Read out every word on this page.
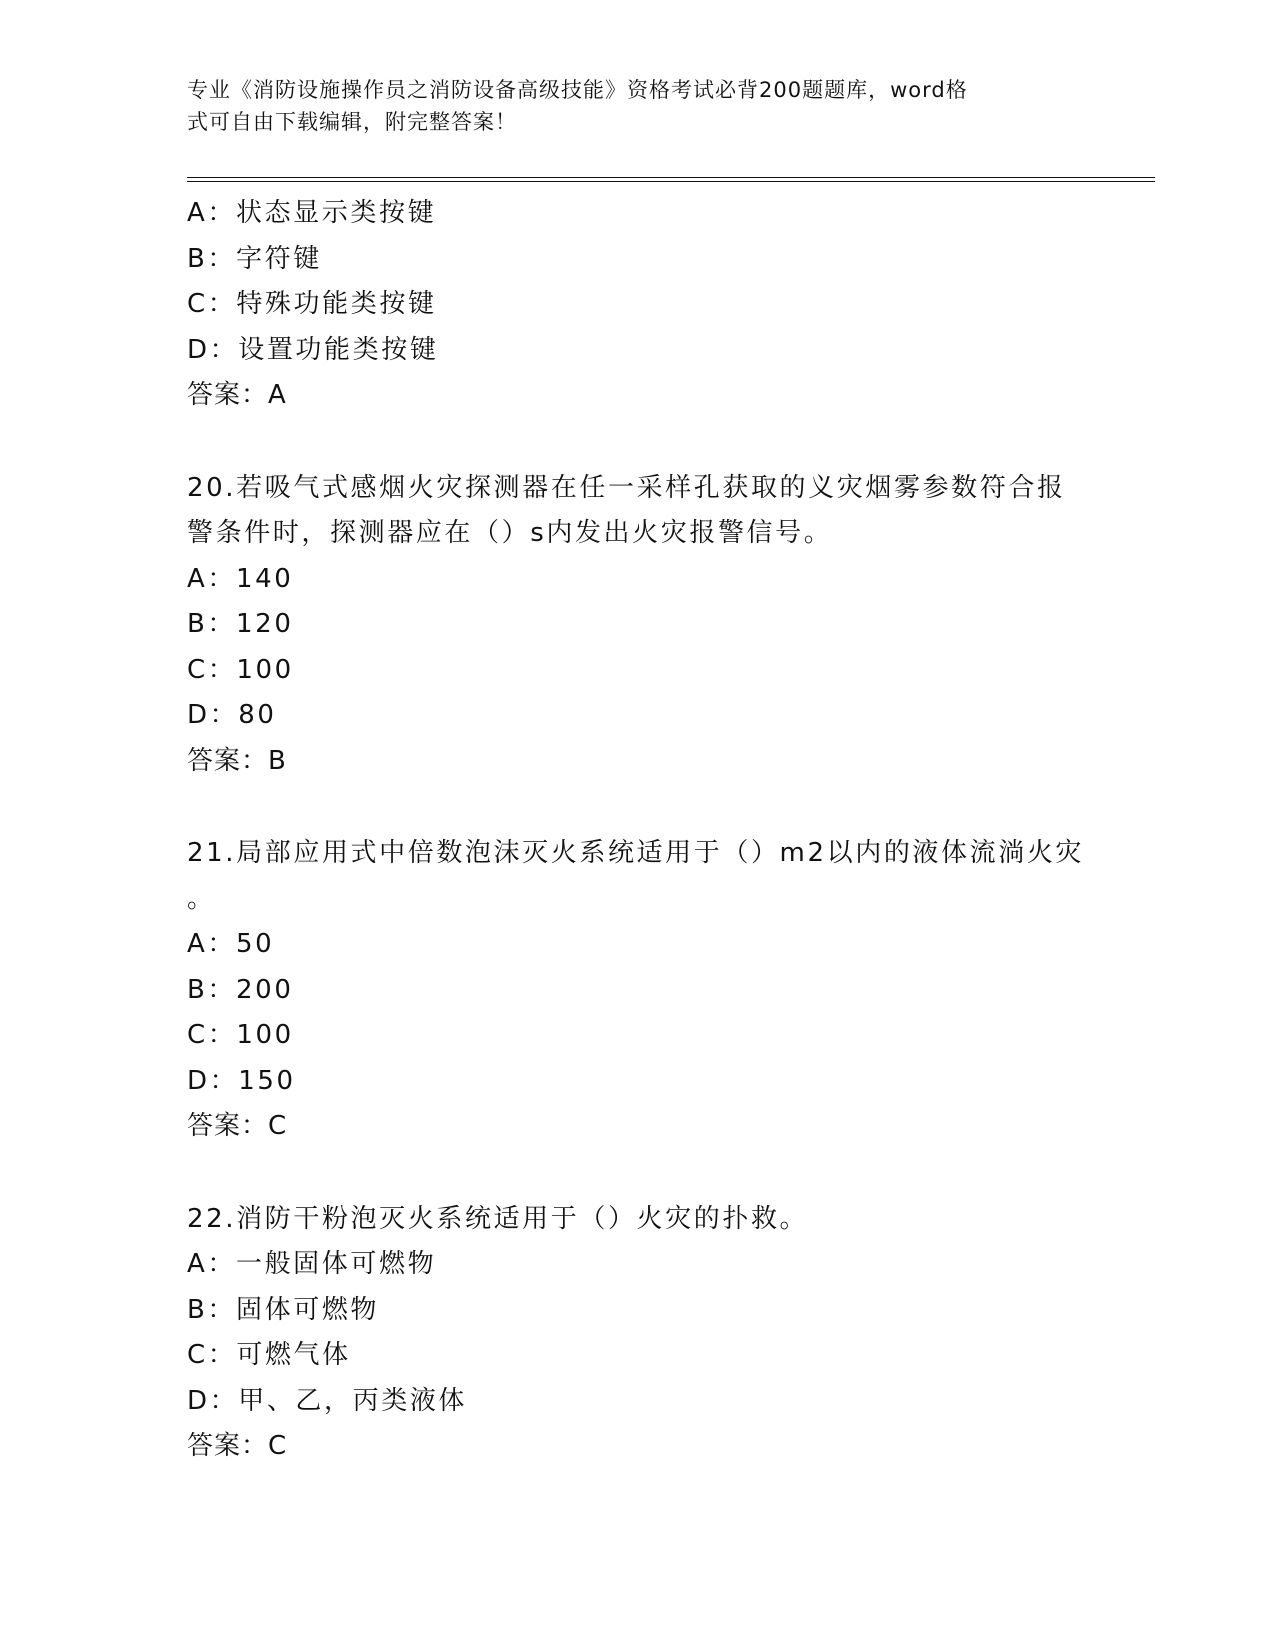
专业《消防设施操作员之消防设备高级技能》资格考试必背200题题库，word格
式可自由下载编辑，附完整答案！
A：状态显示类按键
B：字符键
C：特殊功能类按键
D：设置功能类按键
答案：A
20.若吸气式感烟火灾探测器在任一采样孔获取的义灾烟雾参数符合报
警条件时，探测器应在（）s内发出火灾报警信号。
A：140
B：120
C：100
D：80
答案：B
21.局部应用式中倍数泡沫灭火系统适用于（）m2以内的液体流淌火灾
。
A：50
B：200
C：100
D：150
答案：C
22.消防干粉泡灭火系统适用于（）火灾的扑救。
A：一般固体可燃物
B：固体可燃物
C：可燃气体
D：甲、乙，丙类液体
答案：C
